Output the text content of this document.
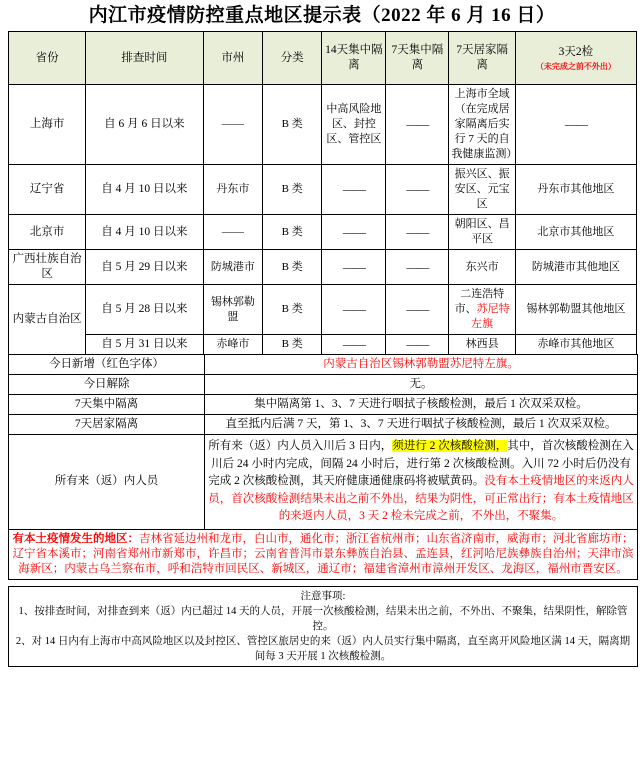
内江市疫情防控重点地区提示表（2022 年 6 月 16 日）
省份	排查时间	市州	分类	14天集中隔离	7天集中隔离	7天居家隔离	3天2检
（未完成之前不外出）

上海市	自 6 月 6 日以来	——	B 类	中高风险地区、封控区、管控区	——	上海市全域（在完成居家隔离后实行 7 天的自我健康监测）	——
辽宁省	自 4 月 10 日以来	丹东市	B 类	——	——	振兴区、振安区、元宝区	丹东市其他地区
北京市	自 4 月 10 日以来	——	B 类	——	——	朝阳区、昌平区	北京市其他地区
广西壮族自治区	自 5 月 29 日以来	防城港市	B 类	——	——	东兴市	防城港市其他地区
内蒙古自治区	自 5 月 28 日以来	锡林郭勒盟	B 类	——	——	二连浩特市、苏尼特左旗	锡林郭勒盟其他地区
	自 5 月 31 日以来	赤峰市	B 类	——	——	林西县	赤峰市其他地区
今日新增（红色字体）	内蒙古自治区锡林郭勒盟苏尼特左旗。
今日解除	无。
7天集中隔离	集中隔离第 1、3、7 天进行咽拭子核酸检测，最后 1 次双采双检。
7天居家隔离	直至抵内后满 7 天，第 1、3、7 天进行咽拭子核酸检测，最后 1 次双采双检。
所有来（返）内人员	所有来（返）内人员入川后 3 日内，须进行 2 次核酸检测，其中，首次核酸检测在入川后 24 小时内完成，间隔 24 小时后，进行第 2 次核酸检测。入川 72 小时后仍没有完成 2 次核酸检测，其天府健康通健康码将被赋黄码。没有本土疫情地区的来返内人员，首次核酸检测结果未出之前不外出，结果为阴性，可正常出行；有本土疫情地区的来返内人员，3 天 2 检未完成之前，不外出，不聚集。
有本土疫情发生的地区：吉林省延边州和龙市，白山市，通化市；浙江省杭州市；山东省济南市，威海市；河北省廊坊市；辽宁省本溪市；河南省郑州市新郑市，许昌市；云南省普洱市景东彝族自治县、孟连县，红河哈尼族彝族自治州；天津市滨海新区；内蒙古乌兰察布市，呼和浩特市回民区、新城区，通辽市；福建省漳州市漳州开发区、龙海区，福州市晋安区。
注意事项:
1、按排查时间，对排查到来（返）内已超过 14 天的人员，开展一次核酸检测，结果未出之前，不外出、不聚集，结果阴性，解除管控。
2、对 14 日内有上海市中高风险地区以及封控区、管控区旅居史的来（返）内人员实行集中隔离，直至离开风险地区满 14 天，隔离期间每 3 天开展 1 次核酸检测。
